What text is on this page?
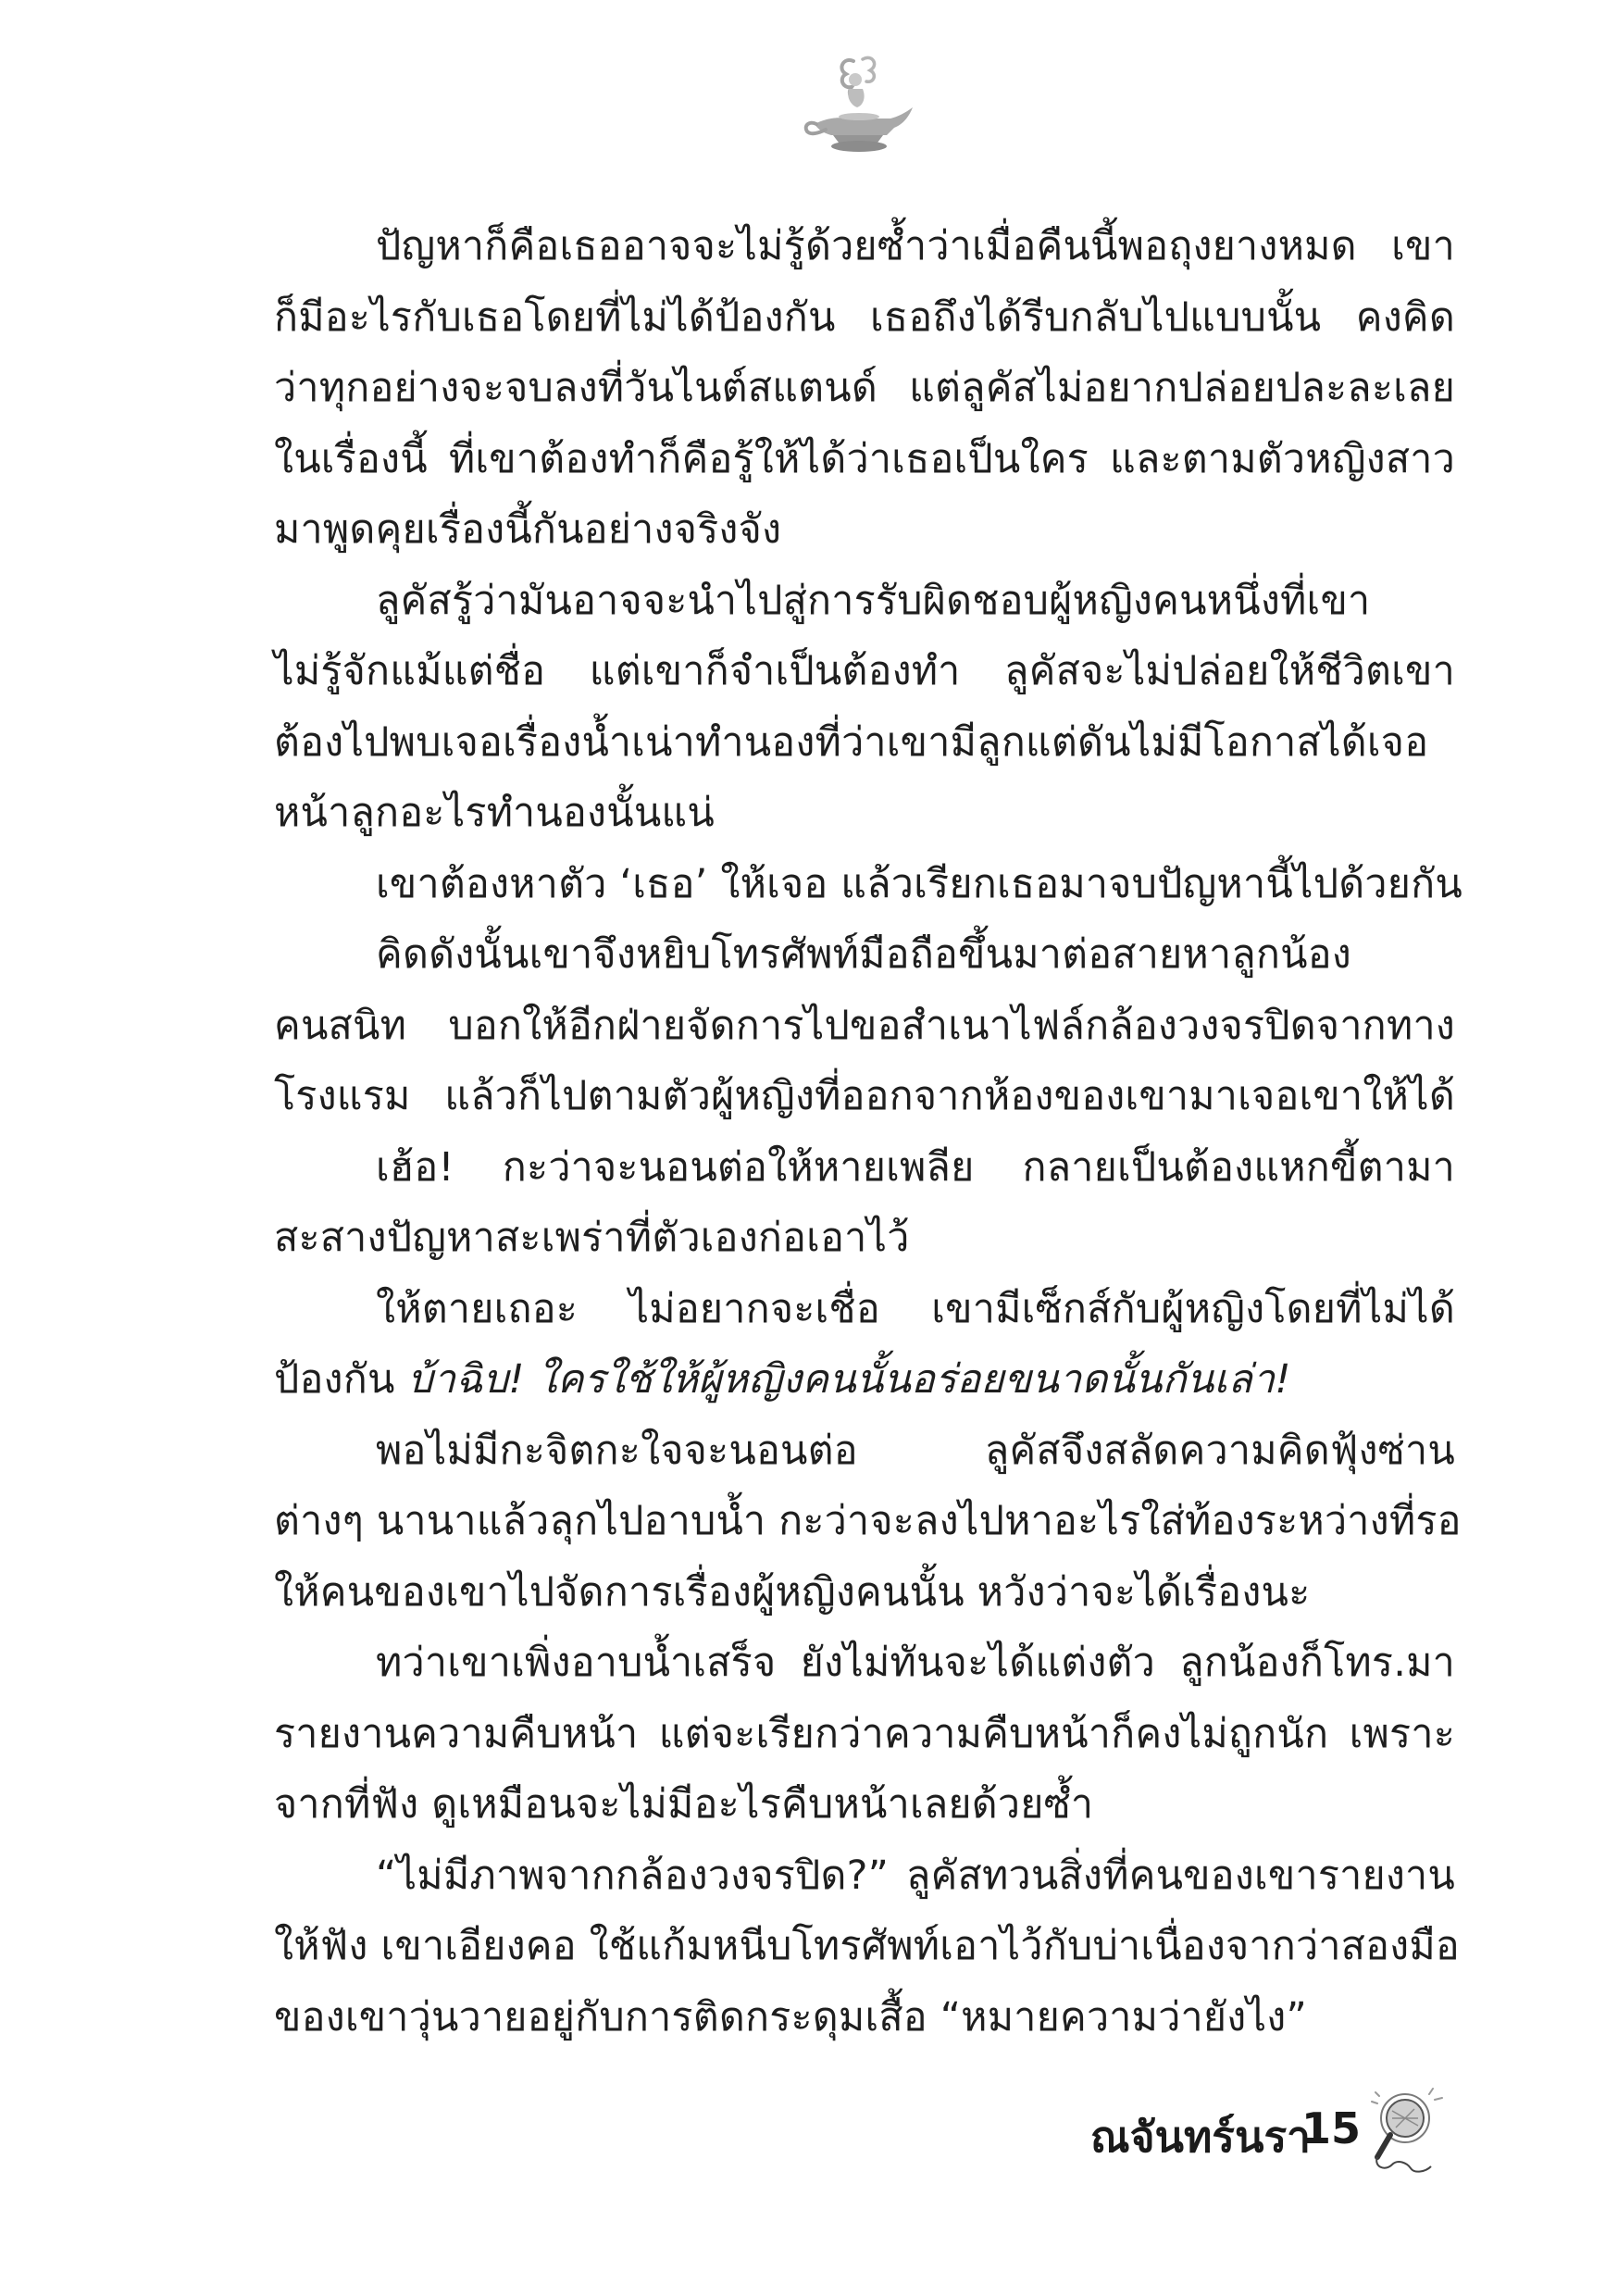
ปัญหาก็คือเธออาจจะไม่รู้ด้วยซ้ำว่าเมื่อคืนนี้พอถุงยางหมด เขา
ก็มีอะไรกับเธอโดยที่ไม่ได้ป้องกัน เธอถึงได้รีบกลับไปแบบนั้น คงคิด
ว่าทุกอย่างจะจบลงที่วันไนต์สแตนด์ แต่ลูคัสไม่อยากปล่อยปละละเลย
ในเรื่องนี้ ที่เขาต้องทำก็คือรู้ให้ได้ว่าเธอเป็นใคร และตามตัวหญิงสาว
มาพูดคุยเรื่องนี้กันอย่างจริงจัง
ลูคัสรู้ว่ามันอาจจะนำไปสู่การรับผิดชอบผู้หญิงคนหนึ่งที่เขา
ไม่รู้จักแม้แต่ชื่อ แต่เขาก็จำเป็นต้องทำ ลูคัสจะไม่ปล่อยให้ชีวิตเขา
ต้องไปพบเจอเรื่องน้ำเน่าทำนองที่ว่าเขามีลูกแต่ดันไม่มีโอกาสได้เจอ
หน้าลูกอะไรทำนองนั้นแน่
เขาต้องหาตัว ‘เธอ’ ให้เจอ แล้วเรียกเธอมาจบปัญหานี้ไปด้วยกัน
คิดดังนั้นเขาจึงหยิบโทรศัพท์มือถือขึ้นมาต่อสายหาลูกน้อง
คนสนิท บอกให้อีกฝ่ายจัดการไปขอสำเนาไฟล์กล้องวงจรปิดจากทาง
โรงแรม แล้วก็ไปตามตัวผู้หญิงที่ออกจากห้องของเขามาเจอเขาให้ได้
เฮ้อ! กะว่าจะนอนต่อให้หายเพลีย กลายเป็นต้องแหกขี้ตามา
สะสางปัญหาสะเพร่าที่ตัวเองก่อเอาไว้
ให้ตายเถอะ ไม่อยากจะเชื่อ เขามีเซ็กส์กับผู้หญิงโดยที่ไม่ได้
ป้องกัน บ้าฉิบ! ใครใช้ให้ผู้หญิงคนนั้นอร่อยขนาดนั้นกันเล่า!
พอไม่มีกะจิตกะใจจะนอนต่อ ลูคัสจึงสลัดความคิดฟุ้งซ่าน
ต่างๆ นานาแล้วลุกไปอาบน้ำ กะว่าจะลงไปหาอะไรใส่ท้องระหว่างที่รอ
ให้คนของเขาไปจัดการเรื่องผู้หญิงคนนั้น หวังว่าจะได้เรื่องนะ
ทว่าเขาเพิ่งอาบน้ำเสร็จ ยังไม่ทันจะได้แต่งตัว ลูกน้องก็โทร.มา
รายงานความคืบหน้า แต่จะเรียกว่าความคืบหน้าก็คงไม่ถูกนัก เพราะ
จากที่ฟัง ดูเหมือนจะไม่มีอะไรคืบหน้าเลยด้วยซ้ำ
“ไม่มีภาพจากกล้องวงจรปิด?” ลูคัสทวนสิ่งที่คนของเขารายงาน
ให้ฟัง เขาเอียงคอ ใช้แก้มหนีบโทรศัพท์เอาไว้กับบ่าเนื่องจากว่าสองมือ
ของเขาวุ่นวายอยู่กับการติดกระดุมเสื้อ “หมายความว่ายังไง”
ณจันทร์นรา
15
